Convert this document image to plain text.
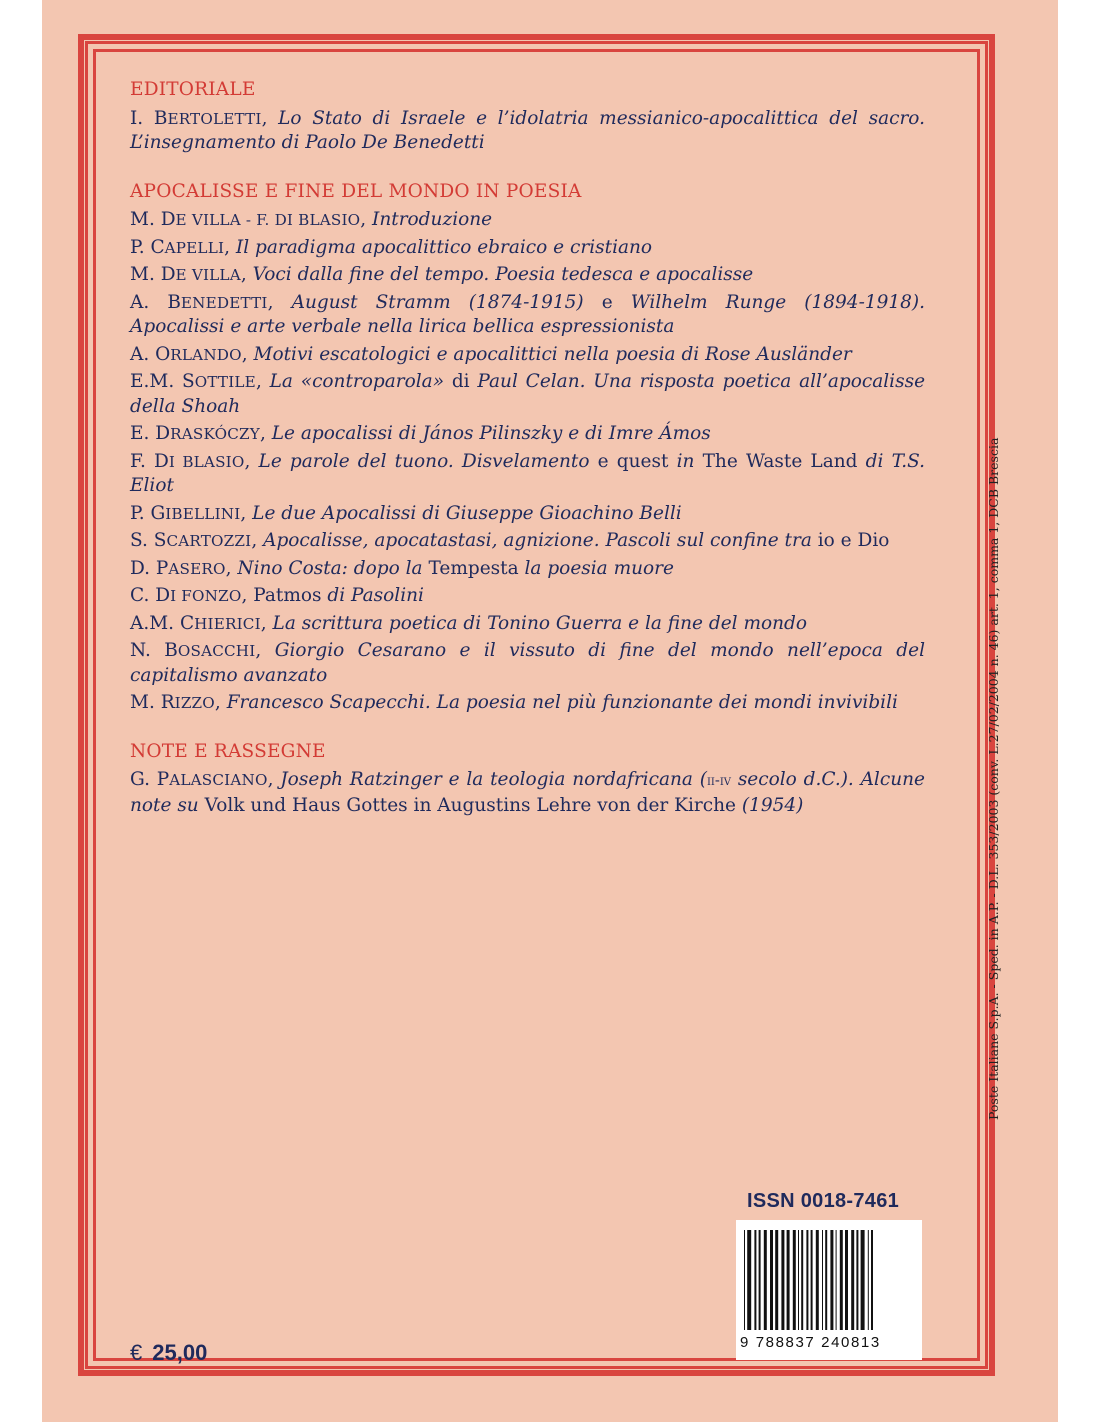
EDITORIALE
I. BERTOLETTI, Lo Stato di Israele e l’idolatria messianico-apocalittica del sacro. L’insegnamento di Paolo De Benedetti
APOCALISSE E FINE DEL MONDO IN POESIA
M. DE VILLA - F. DI BLASIO, Introduzione
P. CAPELLI, Il paradigma apocalittico ebraico e cristiano
M. DE VILLA, Voci dalla fine del tempo. Poesia tedesca e apocalisse
A. BENEDETTI, August Stramm (1874-1915) e Wilhelm Runge (1894-1918). Apocalissi e arte verbale nella lirica bellica espressionista
A. ORLANDO, Motivi escatologici e apocalittici nella poesia di Rose Ausländer
E.M. SOTTILE, La «controparola» di Paul Celan. Una risposta poetica all’apocalisse della Shoah
E. DRASKÓCZY, Le apocalissi di János Pilinszky e di Imre Ámos
F. DI BLASIO, Le parole del tuono. Disvelamento e quest in The Waste Land di T.S. Eliot
P. GIBELLINI, Le due Apocalissi di Giuseppe Gioachino Belli
S. SCARTOZZI, Apocalisse, apocatastasi, agnizione. Pascoli sul confine tra io e Dio
D. PASERO, Nino Costa: dopo la Tempesta la poesia muore
C. DI FONZO, Patmos di Pasolini
A.M. CHIERICI, La scrittura poetica di Tonino Guerra e la fine del mondo
N. BOSACCHI, Giorgio Cesarano e il vissuto di fine del mondo nell’epoca del capitalismo avanzato
M. RIZZO, Francesco Scapecchi. La poesia nel più funzionante dei mondi invivibili
NOTE E RASSEGNE
G. PALASCIANO, Joseph Ratzinger e la teologia nordafricana (ii-iv secolo d.C.). Alcune note su Volk und Haus Gottes in Augustins Lehre von der Kirche (1954)
ISSN 0018-7461
9 788837 240813
€ 25,00
Poste Italiane S.p.A. - Sped. in A.P. - D.L. 353/2003 (conv. L.27/02/2004 n. 46) art. 1, comma 1, DCB Brescia
